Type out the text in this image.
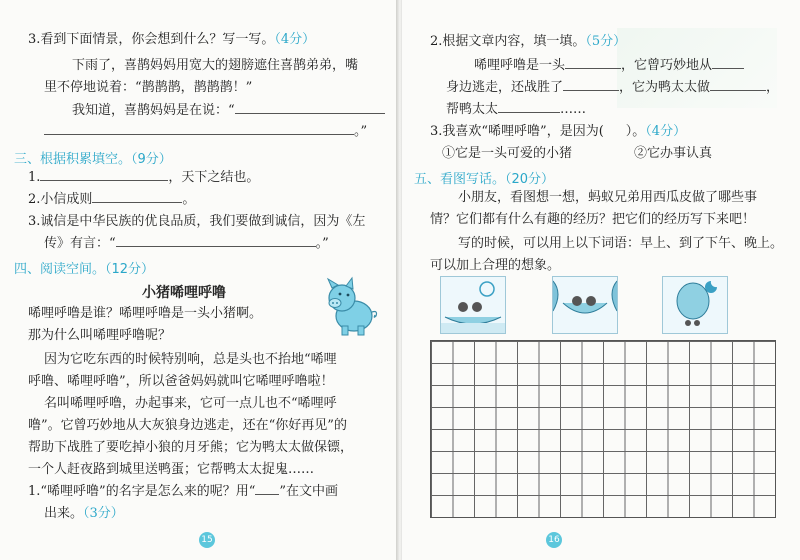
3.看到下面情景，你会想到什么？写一写。（4分）
下雨了，喜鹊妈妈用宽大的翅膀遮住喜鹊弟弟，嘴
里不停地说着：“鹊鹊鹊，鹊鹊鹊！”
我知道，喜鹊妈妈是在说：“
。”
三、根据积累填空。（9分）
1.	，天下之结也。
2.小信成则	。
3.诚信是中华民族的优良品质，我们要做到诚信，因为《左
传》有言：“	。”
四、阅读空间。（12分）
小猪唏哩呼噜
唏哩呼噜是谁？唏哩呼噜是一头小猪啊。
那为什么叫唏哩呼噜呢？
因为它吃东西的时候特别响，总是头也不抬地“唏哩
呼噜、唏哩呼噜”，所以爸爸妈妈就叫它唏哩呼噜啦！
名叫唏哩呼噜，办起事来，它可一点儿也不“唏哩呼
噜”。它曾巧妙地从大灰狼身边逃走，还在“你好再见”的
帮助下战胜了要吃掉小狼的月牙熊；它为鸭太太做保镖，
一个人赶夜路到城里送鸭蛋；它帮鸭太太捉鬼……
1.“唏哩呼噜”的名字是怎么来的呢？用“ ”在文中画
出来。（3分）
15
2.根据文章内容，填一填。（5分）
唏哩呼噜是一头	，它曾巧妙地从
身边逃走，还战胜了	，它为鸭太太做	，
帮鸭太太	……
3.我喜欢“唏哩呼噜”，是因为( ）。（4分）
①它是一头可爱的小猪	②它办事认真
五、看图写话。（20分）
小朋友，看图想一想，蚂蚁兄弟用西瓜皮做了哪些事
情？它们都有什么有趣的经历？把它们的经历写下来吧！
写的时候，可以用上以下词语：早上、到了下午、晚上。
可以加上合理的想象。
16
